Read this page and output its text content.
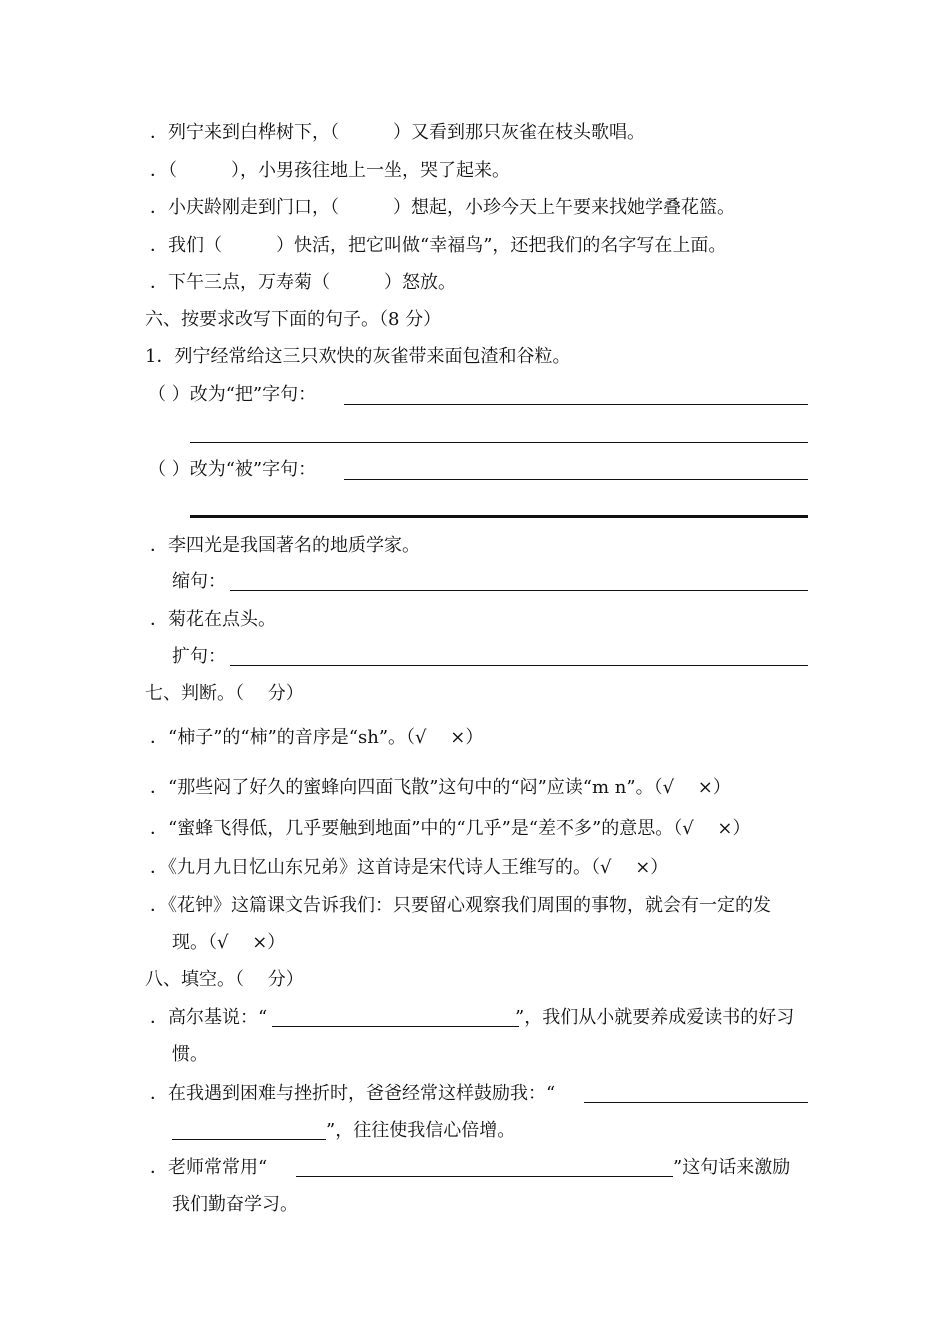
．列宁来到白桦树下，（　　　）又看到那只灰雀在枝头歌唱。
．（　　　），小男孩往地上一坐，哭了起来。
．小庆龄刚走到门口，（　　　）想起，小珍今天上午要来找她学叠花篮。
．我们（　　　）快活，把它叫做“幸福鸟”，还把我们的名字写在上面。
．下午三点，万寿菊（　　　）怒放。
六、按要求改写下面的句子。（8 分）
1．列宁经常给这三只欢快的灰雀带来面包渣和谷粒。
（ ）改为“把”字句：
（ ）改为“被”字句：
．李四光是我国著名的地质学家。
缩句：
．菊花在点头。
扩句：
七、判断。（　 分）
．“柿子”的“柿”的音序是“sh”。（√　 ×）
．“那些闷了好久的蜜蜂向四面飞散”这句中的“闷”应读“m n”。（√　 ×）
．“蜜蜂飞得低，几乎要触到地面”中的“几乎”是“差不多”的意思。（√　 ×）
．《九月九日忆山东兄弟》这首诗是宋代诗人王维写的。（√　 ×）
．《花钟》这篇课文告诉我们：只要留心观察我们周围的事物，就会有一定的发
现。（√　 ×）
八、填空。（　 分）
．高尔基说：“	”，我们从小就要养成爱读书的好习
惯。
．在我遇到困难与挫折时，爸爸经常这样鼓励我：“
”，往往使我信心倍增。
．老师常常用“	”这句话来激励
我们勤奋学习。
